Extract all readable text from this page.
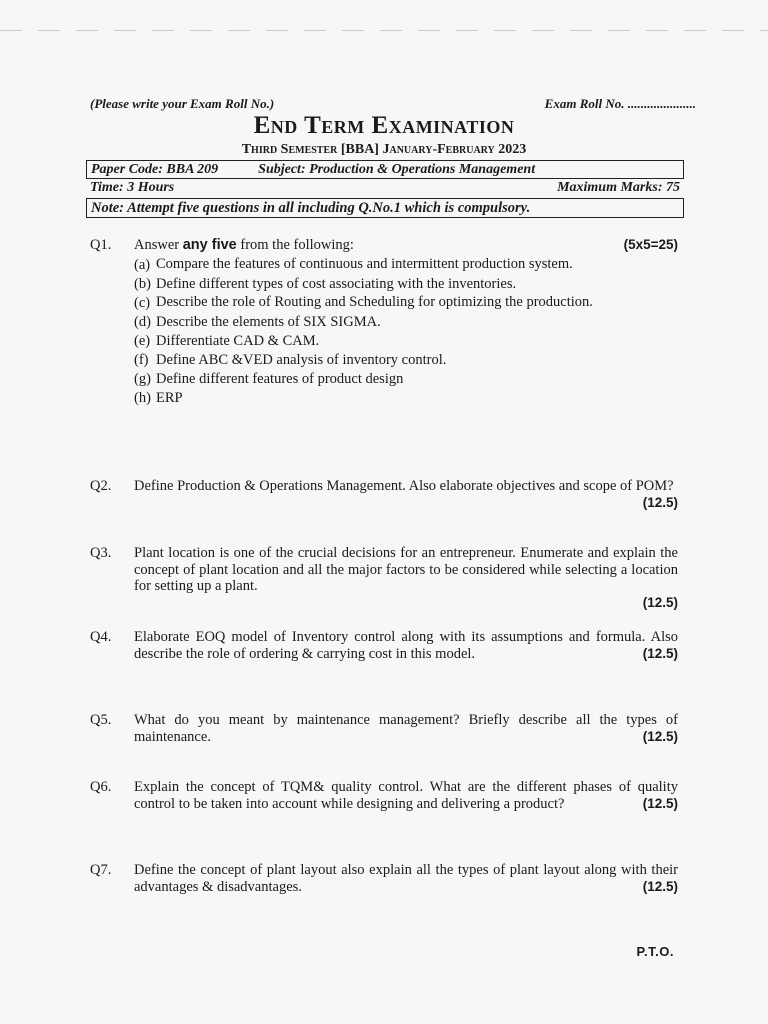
(Please write your Exam Roll No.)	Exam Roll No. .....................
End Term Examination
Third Semester [BBA] January-February 2023
Paper Code: BBA 209	Subject: Production & Operations Management
Time: 3 Hours	Maximum Marks: 75
Note: Attempt five questions in all including Q.No.1 which is compulsory.
Q1.	Answer any five from the following:	(5x5=25)
(a) Compare the features of continuous and intermittent production system.
(b) Define different types of cost associating with the inventories.
(c) Describe the role of Routing and Scheduling for optimizing the production.
(d) Describe the elements of SIX SIGMA.
(e) Differentiate CAD & CAM.
(f) Define ABC &VED analysis of inventory control.
(g) Define different features of product design
(h) ERP
Q2.	Define Production & Operations Management. Also elaborate objectives and scope of POM?
(12.5)
Q3.	Plant location is one of the crucial decisions for an entrepreneur. Enumerate and explain the concept of plant location and all the major factors to be considered while selecting a location for setting up a plant.
(12.5)
Q4.	Elaborate EOQ model of Inventory control along with its assumptions and formula. Also describe the role of ordering & carrying cost in this model.	(12.5)
Q5.	What do you meant by maintenance management? Briefly describe all the types of maintenance.	(12.5)
Q6.	Explain the concept of TQM& quality control. What are the different phases of quality control to be taken into account while designing and delivering a product?	(12.5)
Q7.	Define the concept of plant layout also explain all the types of plant layout along with their advantages & disadvantages.	(12.5)
P.T.O.
